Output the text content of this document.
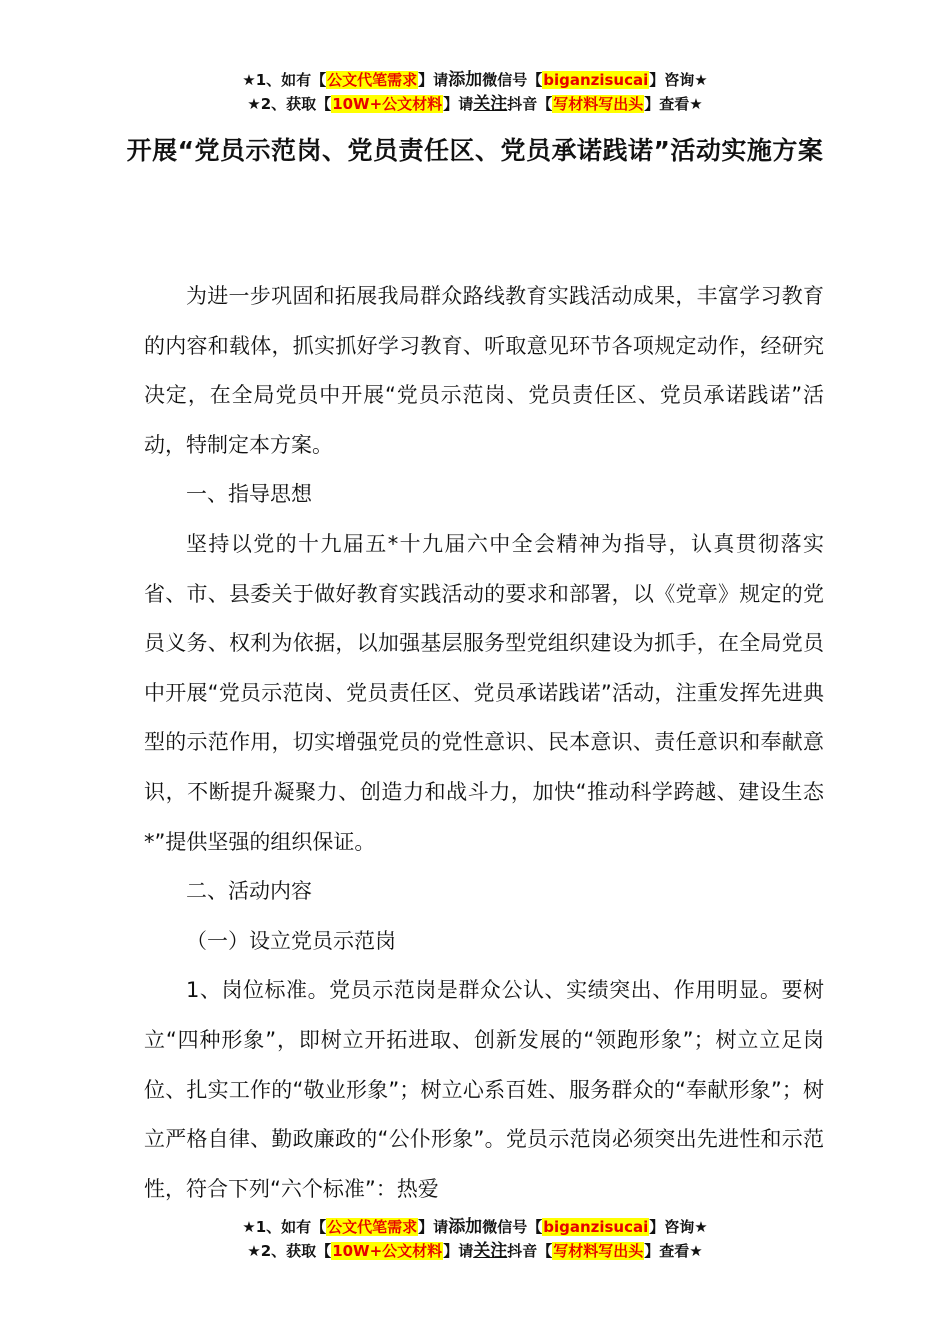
★1、如有【公文代笔需求】请添加微信号【biganzisucai】咨询★
★2、获取【10W+公文材料】请关注抖音【写材料写出头】查看★
开展“党员示范岗、党员责任区、党员承诺践诺”活动实施方案

为进一步巩固和拓展我局群众路线教育实践活动成果，丰富学习教育的内容和载体，抓实抓好学习教育、听取意见环节各项规定动作，经研究决定，在全局党员中开展“党员示范岗、党员责任区、党员承诺践诺”活动，特制定本方案。

一、指导思想

坚持以党的十九届五*十九届六中全会精神为指导，认真贯彻落实省、市、县委关于做好教育实践活动的要求和部署，以《党章》规定的党员义务、权利为依据，以加强基层服务型党组织建设为抓手，在全局党员中开展“党员示范岗、党员责任区、党员承诺践诺”活动，注重发挥先进典型的示范作用，切实增强党员的党性意识、民本意识、责任意识和奉献意识，不断提升凝聚力、创造力和战斗力，加快“推动科学跨越、建设生态*”提供坚强的组织保证。

二、活动内容

（一）设立党员示范岗

1、岗位标准。党员示范岗是群众公认、实绩突出、作用明显。要树立“四种形象”，即树立开拓进取、创新发展的“领跑形象”；树立立足岗位、扎实工作的“敬业形象”；树立心系百姓、服务群众的“奉献形象”；树立严格自律、勤政廉政的“公仆形象”。党员示范岗必须突出先进性和示范性，符合下列“六个标准”：热爱

★1、如有【公文代笔需求】请添加微信号【biganzisucai】咨询★
★2、获取【10W+公文材料】请关注抖音【写材料写出头】查看★
